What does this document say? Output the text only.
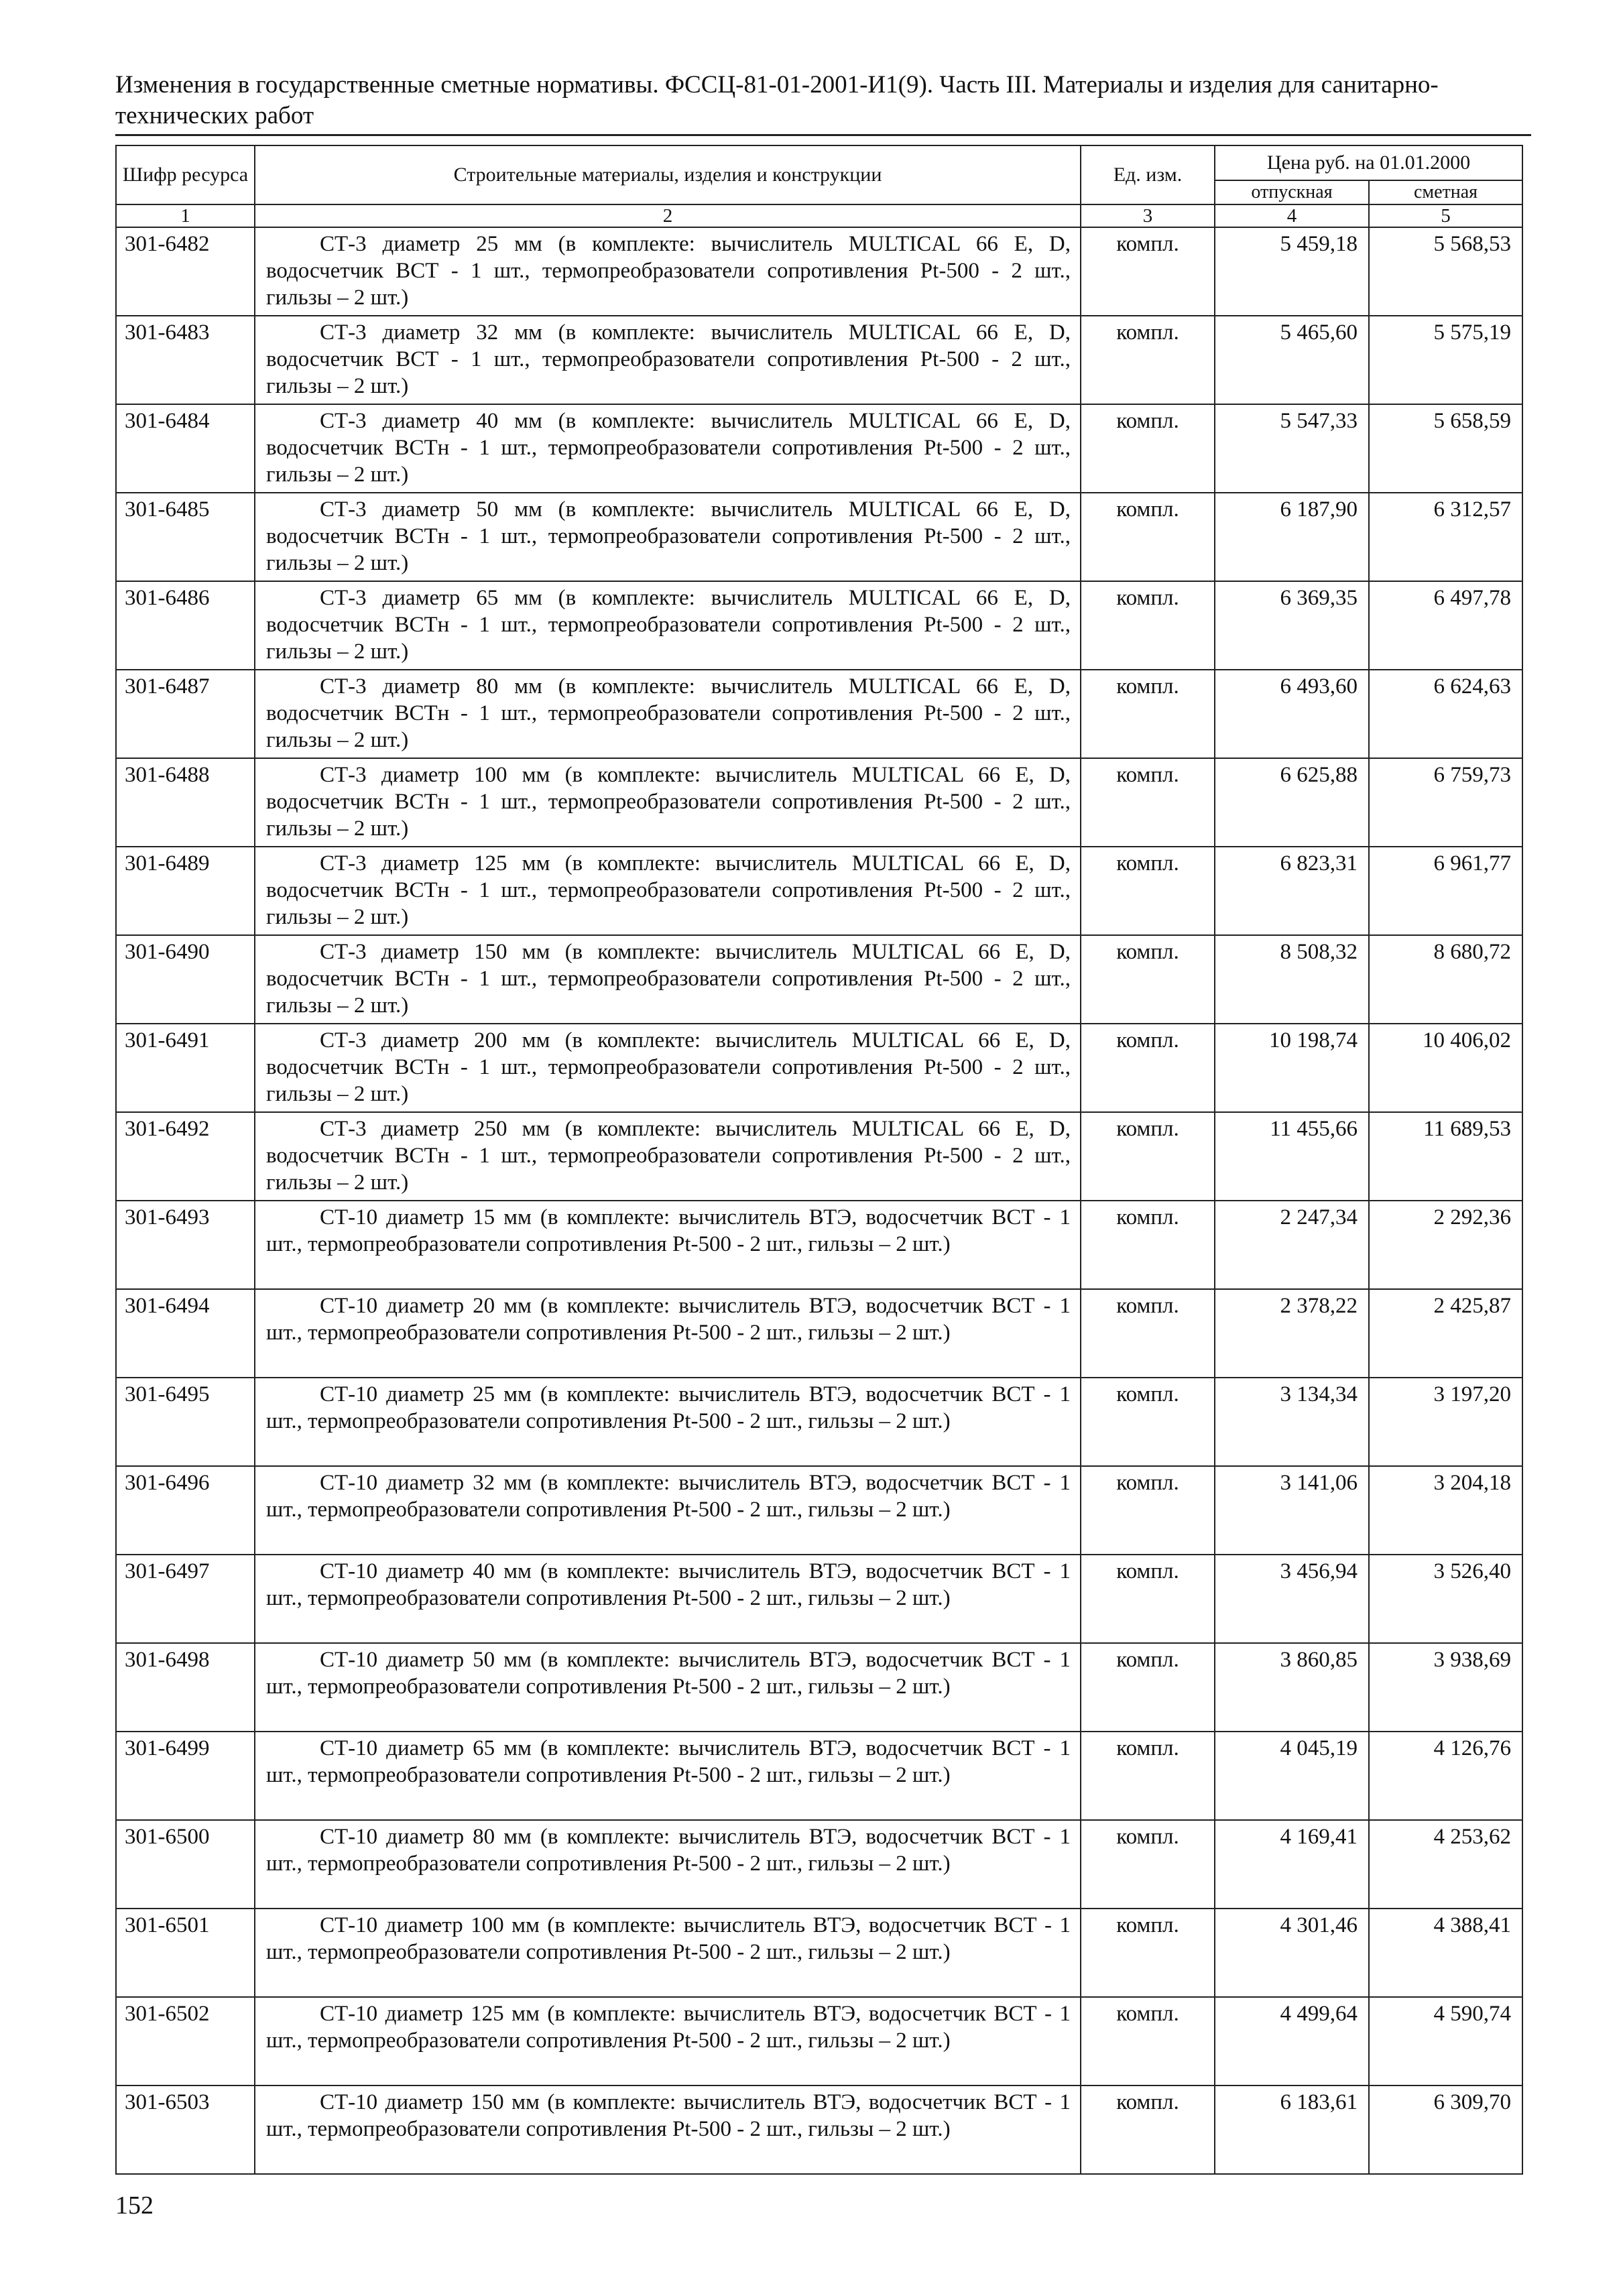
Изменения в государственные сметные нормативы. ФССЦ-81-01-2001-И1(9). Часть III. Материалы и изделия для санитарно-технических работ
Шифр ресурса	Строительные материалы, изделия и конструкции	Ед. изм.	Цена руб. на 01.01.2000	
			отпускная	сметная
1	2	3	4	5
301-6482	СТ-3 диаметр 25 мм (в комплекте: вычислитель MULTICAL 66 E, D, водосчетчик ВСТ - 1 шт., термопреобразователи сопротивления Pt-500 - 2 шт., гильзы – 2 шт.)	компл.	5 459,18	5 568,53
301-6483	СТ-3 диаметр 32 мм (в комплекте: вычислитель MULTICAL 66 E, D, водосчетчик ВСТ - 1 шт., термопреобразователи сопротивления Pt-500 - 2 шт., гильзы – 2 шт.)	компл.	5 465,60	5 575,19
301-6484	СТ-3 диаметр 40 мм (в комплекте: вычислитель MULTICAL 66 E, D, водосчетчик ВСТн - 1 шт., термопреобразователи сопротивления Pt-500 - 2 шт., гильзы – 2 шт.)	компл.	5 547,33	5 658,59
301-6485	СТ-3 диаметр 50 мм (в комплекте: вычислитель MULTICAL 66 E, D, водосчетчик ВСТн - 1 шт., термопреобразователи сопротивления Pt-500 - 2 шт., гильзы – 2 шт.)	компл.	6 187,90	6 312,57
301-6486	СТ-3 диаметр 65 мм (в комплекте: вычислитель MULTICAL 66 E, D, водосчетчик ВСТн - 1 шт., термопреобразователи сопротивления Pt-500 - 2 шт., гильзы – 2 шт.)	компл.	6 369,35	6 497,78
301-6487	СТ-3 диаметр 80 мм (в комплекте: вычислитель MULTICAL 66 E, D, водосчетчик ВСТн - 1 шт., термопреобразователи сопротивления Pt-500 - 2 шт., гильзы – 2 шт.)	компл.	6 493,60	6 624,63
301-6488	СТ-3 диаметр 100 мм (в комплекте: вычислитель MULTICAL 66 E, D, водосчетчик ВСТн - 1 шт., термопреобразователи сопротивления Pt-500 - 2 шт., гильзы – 2 шт.)	компл.	6 625,88	6 759,73
301-6489	СТ-3 диаметр 125 мм (в комплекте: вычислитель MULTICAL 66 E, D, водосчетчик ВСТн - 1 шт., термопреобразователи сопротивления Pt-500 - 2 шт., гильзы – 2 шт.)	компл.	6 823,31	6 961,77
301-6490	СТ-3 диаметр 150 мм (в комплекте: вычислитель MULTICAL 66 E, D, водосчетчик ВСТн - 1 шт., термопреобразователи сопротивления Pt-500 - 2 шт., гильзы – 2 шт.)	компл.	8 508,32	8 680,72
301-6491	СТ-3 диаметр 200 мм (в комплекте: вычислитель MULTICAL 66 E, D, водосчетчик ВСТн - 1 шт., термопреобразователи сопротивления Pt-500 - 2 шт., гильзы – 2 шт.)	компл.	10 198,74	10 406,02
301-6492	СТ-3 диаметр 250 мм (в комплекте: вычислитель MULTICAL 66 E, D, водосчетчик ВСТн - 1 шт., термопреобразователи сопротивления Pt-500 - 2 шт., гильзы – 2 шт.)	компл.	11 455,66	11 689,53
301-6493	СТ-10 диаметр 15 мм (в комплекте: вычислитель ВТЭ, водосчетчик ВСТ - 1 шт., термопреобразователи сопротивления Pt-500 - 2 шт., гильзы – 2 шт.)	компл.	2 247,34	2 292,36
301-6494	СТ-10 диаметр 20 мм (в комплекте: вычислитель ВТЭ, водосчетчик ВСТ - 1 шт., термопреобразователи сопротивления Pt-500 - 2 шт., гильзы – 2 шт.)	компл.	2 378,22	2 425,87
301-6495	СТ-10 диаметр 25 мм (в комплекте: вычислитель ВТЭ, водосчетчик ВСТ - 1 шт., термопреобразователи сопротивления Pt-500 - 2 шт., гильзы – 2 шт.)	компл.	3 134,34	3 197,20
301-6496	СТ-10 диаметр 32 мм (в комплекте: вычислитель ВТЭ, водосчетчик ВСТ - 1 шт., термопреобразователи сопротивления Pt-500 - 2 шт., гильзы – 2 шт.)	компл.	3 141,06	3 204,18
301-6497	СТ-10 диаметр 40 мм (в комплекте: вычислитель ВТЭ, водосчетчик ВСТ - 1 шт., термопреобразователи сопротивления Pt-500 - 2 шт., гильзы – 2 шт.)	компл.	3 456,94	3 526,40
301-6498	СТ-10 диаметр 50 мм (в комплекте: вычислитель ВТЭ, водосчетчик ВСТ - 1 шт., термопреобразователи сопротивления Pt-500 - 2 шт., гильзы – 2 шт.)	компл.	3 860,85	3 938,69
301-6499	СТ-10 диаметр 65 мм (в комплекте: вычислитель ВТЭ, водосчетчик ВСТ - 1 шт., термопреобразователи сопротивления Pt-500 - 2 шт., гильзы – 2 шт.)	компл.	4 045,19	4 126,76
301-6500	СТ-10 диаметр 80 мм (в комплекте: вычислитель ВТЭ, водосчетчик ВСТ - 1 шт., термопреобразователи сопротивления Pt-500 - 2 шт., гильзы – 2 шт.)	компл.	4 169,41	4 253,62
301-6501	СТ-10 диаметр 100 мм (в комплекте: вычислитель ВТЭ, водосчетчик ВСТ - 1 шт., термопреобразователи сопротивления Pt-500 - 2 шт., гильзы – 2 шт.)	компл.	4 301,46	4 388,41
301-6502	СТ-10 диаметр 125 мм (в комплекте: вычислитель ВТЭ, водосчетчик ВСТ - 1 шт., термопреобразователи сопротивления Pt-500 - 2 шт., гильзы – 2 шт.)	компл.	4 499,64	4 590,74
301-6503	СТ-10 диаметр 150 мм (в комплекте: вычислитель ВТЭ, водосчетчик ВСТ - 1 шт., термопреобразователи сопротивления Pt-500 - 2 шт., гильзы – 2 шт.)	компл.	6 183,61	6 309,70
152
